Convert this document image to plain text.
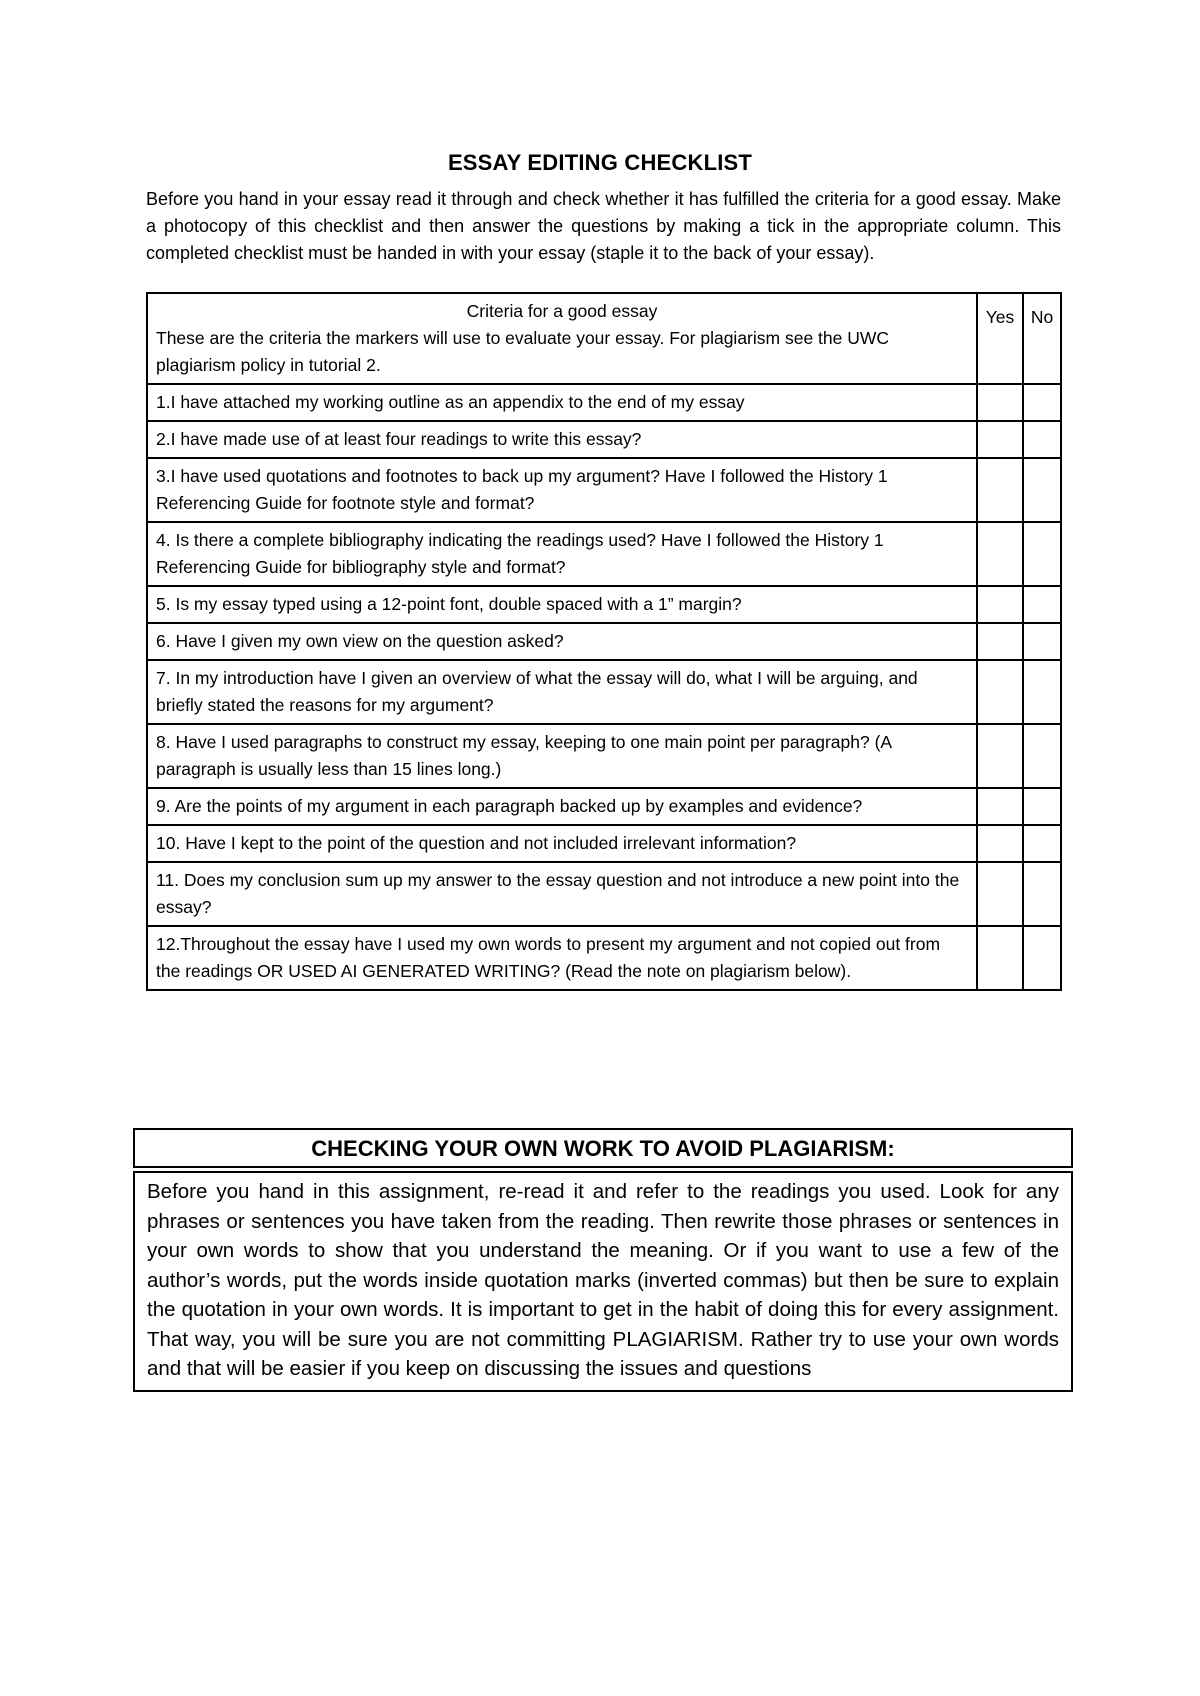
ESSAY EDITING CHECKLIST

Before you hand in your essay read it through and check whether it has fulfilled the criteria for a good essay. Make a photocopy of this checklist and then answer the questions by making a tick in the appropriate column. This completed checklist must be handed in with your essay (staple it to the back of your essay).

Criteria for a good essay
These are the criteria the markers will use to evaluate your essay. For plagiarism see the UWC plagiarism policy in tutorial 2.	Yes	No
1.I have attached my working outline as an appendix to the end of my essay		
2.I have made use of at least four readings to write this essay?		
3.I have used quotations and footnotes to back up my argument? Have I followed the History 1 Referencing Guide for footnote style and format?		
4. Is there a complete bibliography indicating the readings used? Have I followed the History 1 Referencing Guide for bibliography style and format?		
5. Is my essay typed using a 12-point font, double spaced with a 1” margin?		
6. Have I given my own view on the question asked?		
7. In my introduction have I given an overview of what the essay will do, what I will be arguing, and briefly stated the reasons for my argument?		
8. Have I used paragraphs to construct my essay, keeping to one main point per paragraph? (A paragraph is usually less than 15 lines long.)		
9. Are the points of my argument in each paragraph backed up by examples and evidence?		
10. Have I kept to the point of the question and not included irrelevant information?		
11. Does my conclusion sum up my answer to the essay question and not introduce a new point into the essay?		
12.Throughout the essay have I used my own words to present my argument and not copied out from the readings OR USED AI GENERATED WRITING? (Read the note on plagiarism below).		
CHECKING YOUR OWN WORK TO AVOID PLAGIARISM:

Before you hand in this assignment, re-read it and refer to the readings you used. Look for any phrases or sentences you have taken from the reading. Then rewrite those phrases or sentences in your own words to show that you understand the meaning. Or if you want to use a few of the author’s words, put the words inside quotation marks (inverted commas) but then be sure to explain the quotation in your own words. It is important to get in the habit of doing this for every assignment. That way, you will be sure you are not committing PLAGIARISM. Rather try to use your own words and that will be easier if you keep on discussing the issues and questions
